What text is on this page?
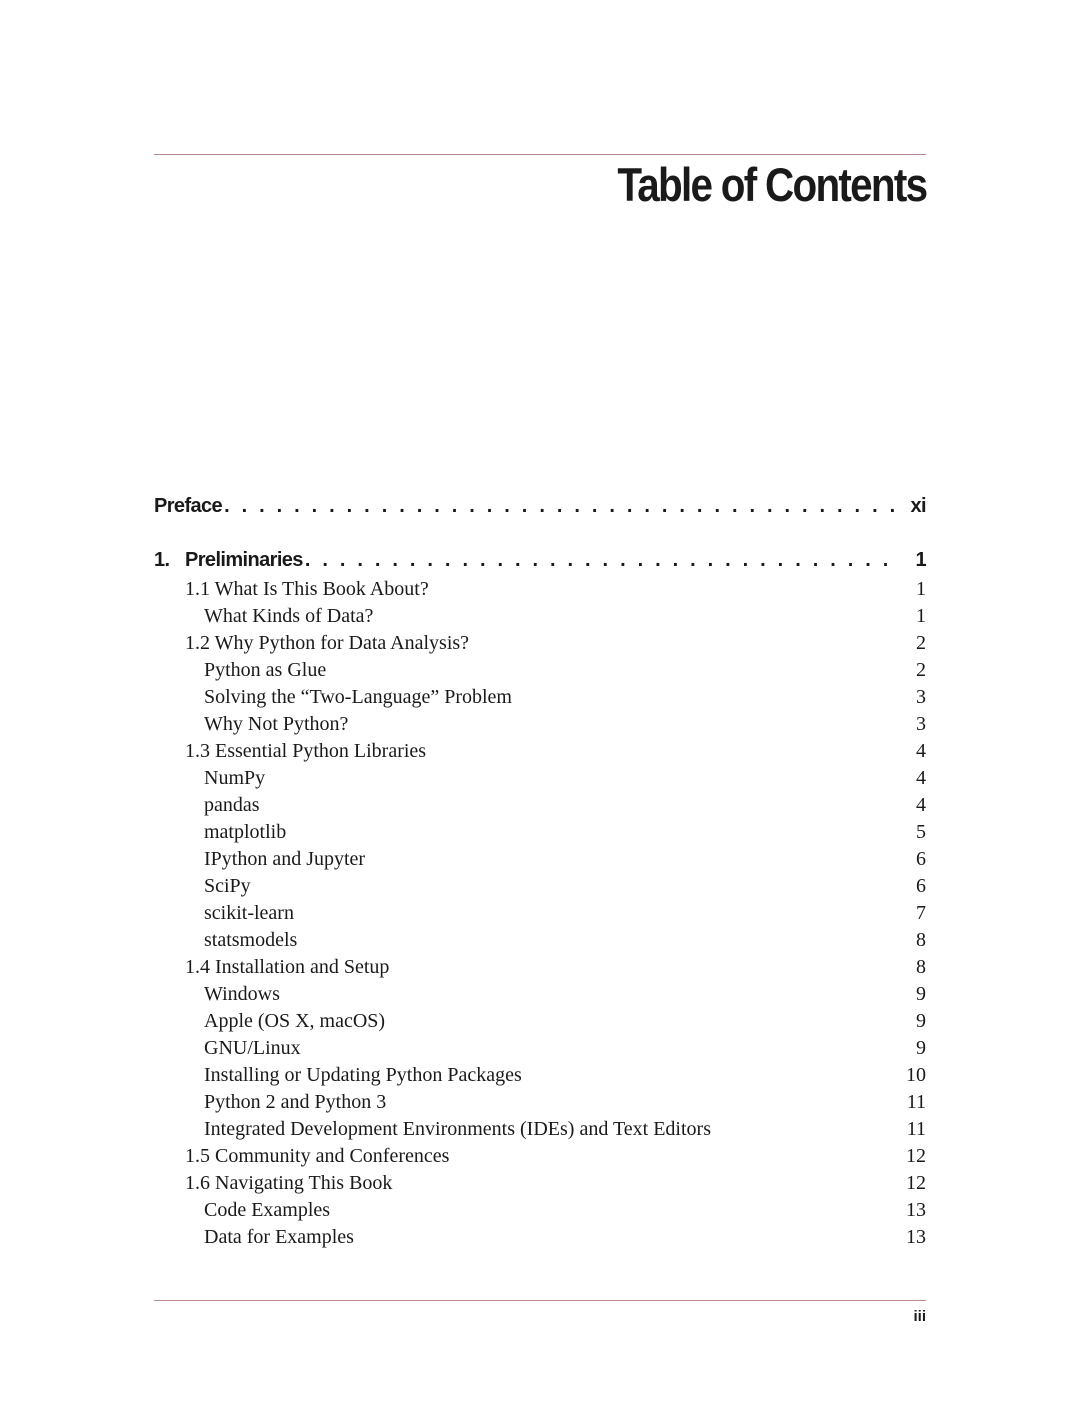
Table of Contents
Preface . . .	xi
1. Preliminaries . . .	1
1.1 What Is This Book About?	1
What Kinds of Data?	1
1.2 Why Python for Data Analysis?	2
Python as Glue	2
Solving the “Two-Language” Problem	3
Why Not Python?	3
1.3 Essential Python Libraries	4
NumPy	4
pandas	4
matplotlib	5
IPython and Jupyter	6
SciPy	6
scikit-learn	7
statsmodels	8
1.4 Installation and Setup	8
Windows	9
Apple (OS X, macOS)	9
GNU/Linux	9
Installing or Updating Python Packages	10
Python 2 and Python 3	11
Integrated Development Environments (IDEs) and Text Editors	11
1.5 Community and Conferences	12
1.6 Navigating This Book	12
Code Examples	13
Data for Examples	13
iii
